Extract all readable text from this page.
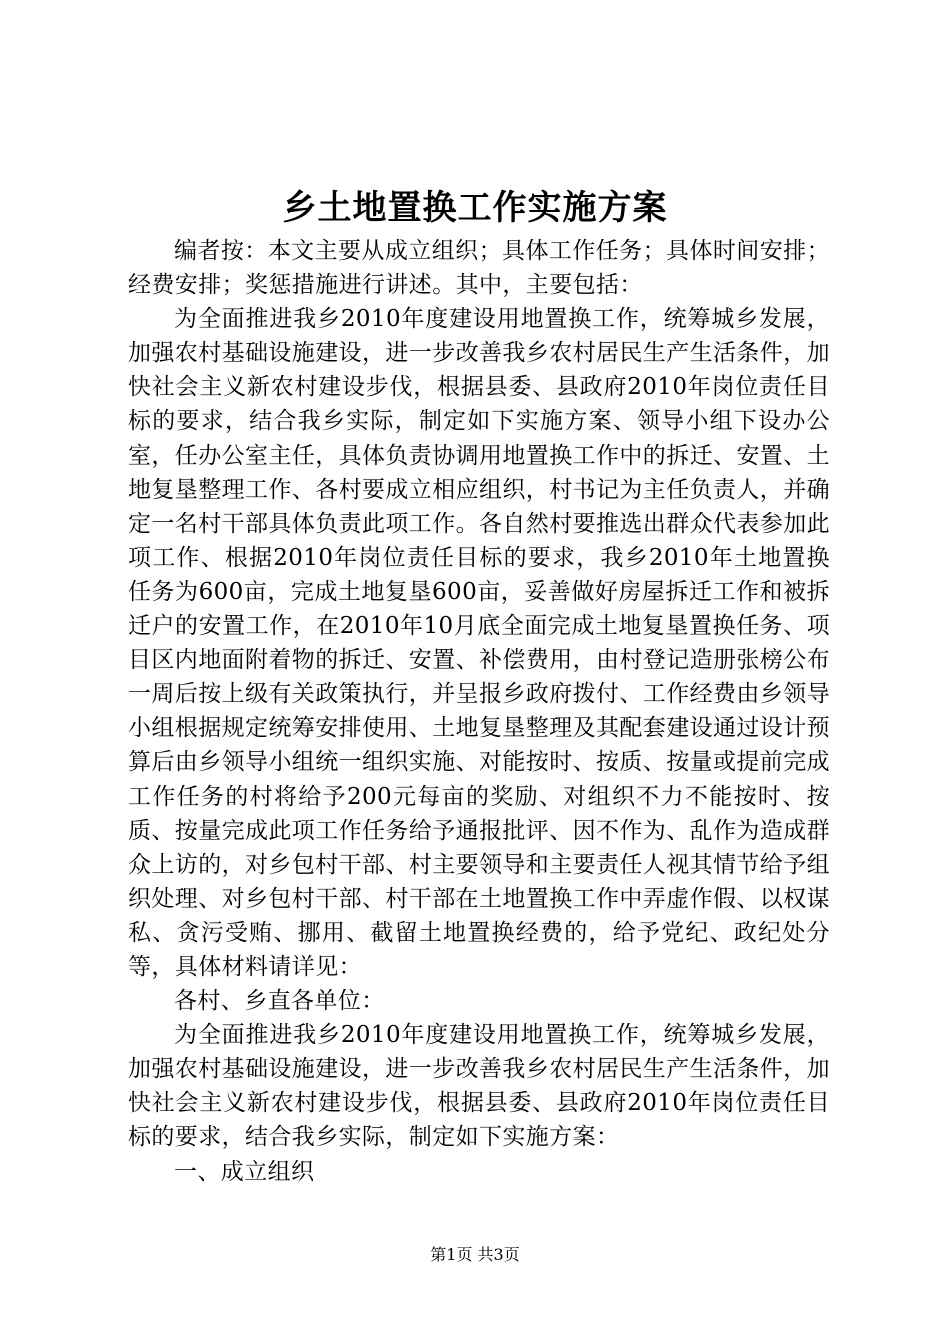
乡土地置换工作实施方案

编者按：本文主要从成立组织；具体工作任务；具体时间安排；经费安排；奖惩措施进行讲述。其中，主要包括：

为全面推进我乡2010年度建设用地置换工作，统筹城乡发展，加强农村基础设施建设，进一步改善我乡农村居民生产生活条件，加快社会主义新农村建设步伐，根据县委、县政府2010年岗位责任目标的要求，结合我乡实际，制定如下实施方案、领导小组下设办公室，任办公室主任，具体负责协调用地置换工作中的拆迁、安置、土地复垦整理工作、各村要成立相应组织，村书记为主任负责人，并确定一名村干部具体负责此项工作。各自然村要推选出群众代表参加此项工作、根据2010年岗位责任目标的要求，我乡2010年土地置换任务为600亩，完成土地复垦600亩，妥善做好房屋拆迁工作和被拆迁户的安置工作，在2010年10月底全面完成土地复垦置换任务、项目区内地面附着物的拆迁、安置、补偿费用，由村登记造册张榜公布一周后按上级有关政策执行，并呈报乡政府拨付、工作经费由乡领导小组根据规定统筹安排使用、土地复垦整理及其配套建设通过设计预算后由乡领导小组统一组织实施、对能按时、按质、按量或提前完成工作任务的村将给予200元每亩的奖励、对组织不力不能按时、按质、按量完成此项工作任务给予通报批评、因不作为、乱作为造成群众上访的，对乡包村干部、村主要领导和主要责任人视其情节给予组织处理、对乡包村干部、村干部在土地置换工作中弄虚作假、以权谋私、贪污受贿、挪用、截留土地置换经费的，给予党纪、政纪处分等，具体材料请详见：

各村、乡直各单位：

为全面推进我乡2010年度建设用地置换工作，统筹城乡发展，加强农村基础设施建设，进一步改善我乡农村居民生产生活条件，加快社会主义新农村建设步伐，根据县委、县政府2010年岗位责任目标的要求，结合我乡实际，制定如下实施方案：

一、成立组织

第1页 共3页
